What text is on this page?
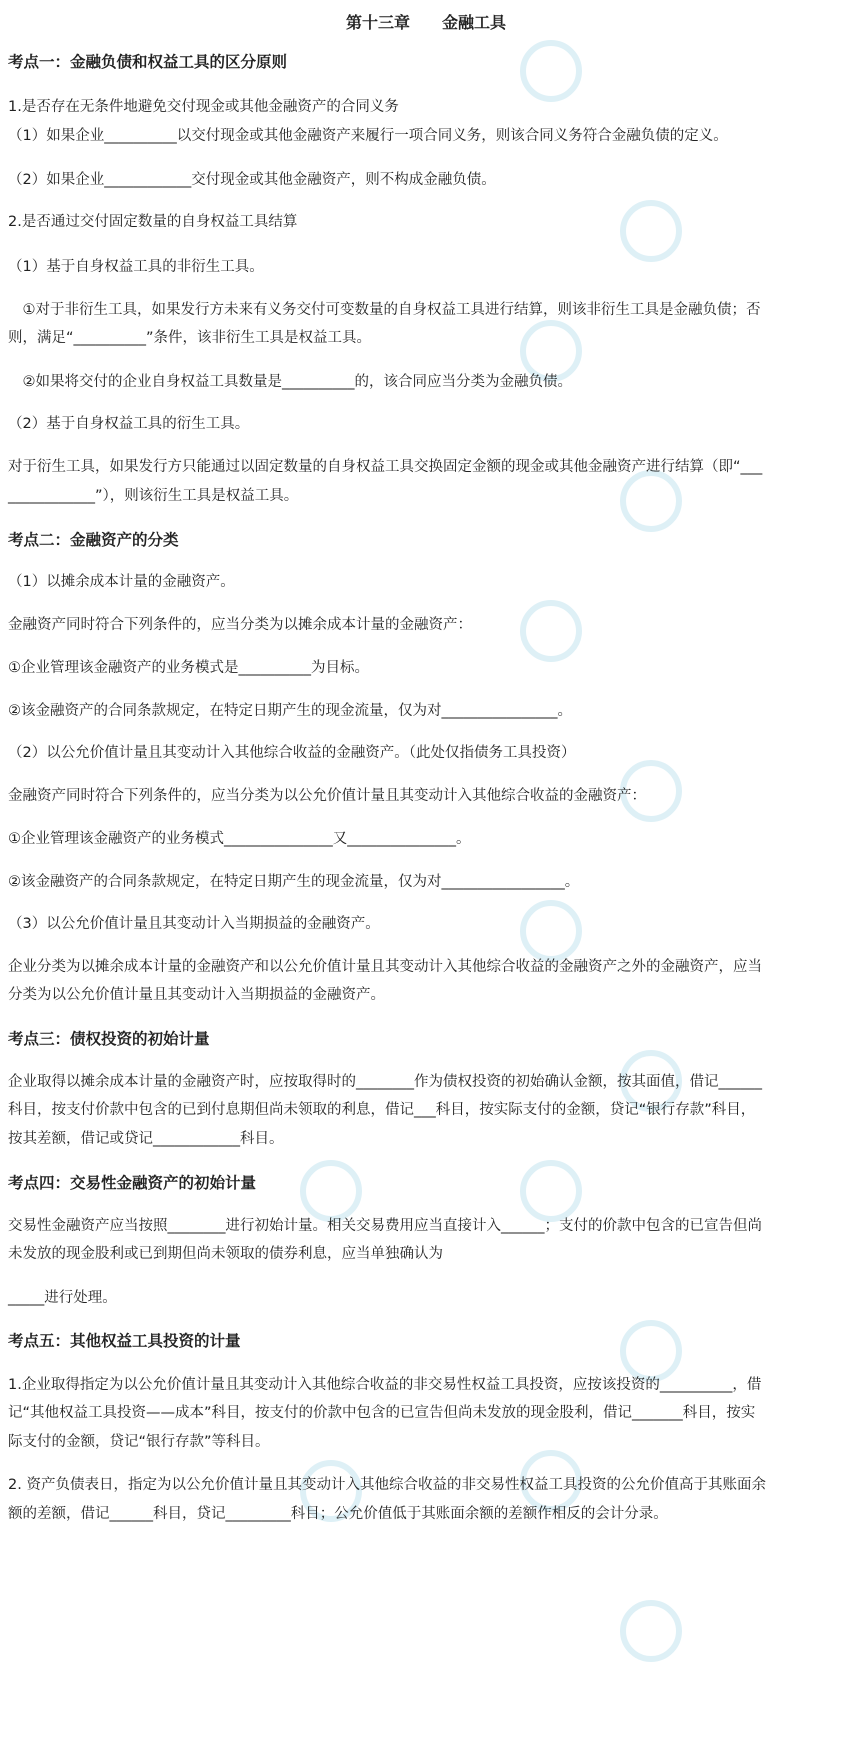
第十三章　　金融工具
考点一：金融负债和权益工具的区分原则
1.是否存在无条件地避免交付现金或其他金融资产的合同义务
（1）如果企业__________以交付现金或其他金融资产来履行一项合同义务，则该合同义务符合金融负债的定义。
（2）如果企业____________交付现金或其他金融资产，则不构成金融负债。
2.是否通过交付固定数量的自身权益工具结算
（1）基于自身权益工具的非衍生工具。
　①对于非衍生工具，如果发行方未来有义务交付可变数量的自身权益工具进行结算，则该非衍生工具是金融负债；否
则，满足“__________”条件，该非衍生工具是权益工具。
　②如果将交付的企业自身权益工具数量是__________的，该合同应当分类为金融负债。
（2）基于自身权益工具的衍生工具。
对于衍生工具，如果发行方只能通过以固定数量的自身权益工具交换固定金额的现金或其他金融资产进行结算（即“___
____________”），则该衍生工具是权益工具。
考点二：金融资产的分类
（1）以摊余成本计量的金融资产。
金融资产同时符合下列条件的，应当分类为以摊余成本计量的金融资产：
①企业管理该金融资产的业务模式是__________为目标。
②该金融资产的合同条款规定，在特定日期产生的现金流量，仅为对________________。
（2）以公允价值计量且其变动计入其他综合收益的金融资产。（此处仅指债务工具投资）
金融资产同时符合下列条件的，应当分类为以公允价值计量且其变动计入其他综合收益的金融资产：
①企业管理该金融资产的业务模式_______________又_______________。
②该金融资产的合同条款规定，在特定日期产生的现金流量，仅为对_________________。
（3）以公允价值计量且其变动计入当期损益的金融资产。
企业分类为以摊余成本计量的金融资产和以公允价值计量且其变动计入其他综合收益的金融资产之外的金融资产，应当
分类为以公允价值计量且其变动计入当期损益的金融资产。
考点三：债权投资的初始计量
企业取得以摊余成本计量的金融资产时，应按取得时的________作为债权投资的初始确认金额，按其面值，借记______
科目，按支付价款中包含的已到付息期但尚未领取的利息，借记___科目，按实际支付的金额，贷记“银行存款”科目，
按其差额，借记或贷记____________科目。
考点四：交易性金融资产的初始计量
交易性金融资产应当按照________进行初始计量。相关交易费用应当直接计入______；支付的价款中包含的已宣告但尚
未发放的现金股利或已到期但尚未领取的债券利息，应当单独确认为
_____进行处理。
考点五：其他权益工具投资的计量
1.企业取得指定为以公允价值计量且其变动计入其他综合收益的非交易性权益工具投资，应按该投资的__________，借
记“其他权益工具投资——成本”科目，按支付的价款中包含的已宣告但尚未发放的现金股利，借记_______科目，按实
际支付的金额，贷记“银行存款”等科目。
2. 资产负债表日，指定为以公允价值计量且其变动计入其他综合收益的非交易性权益工具投资的公允价值高于其账面余
额的差额，借记______科目，贷记_________科目；公允价值低于其账面余额的差额作相反的会计分录。
